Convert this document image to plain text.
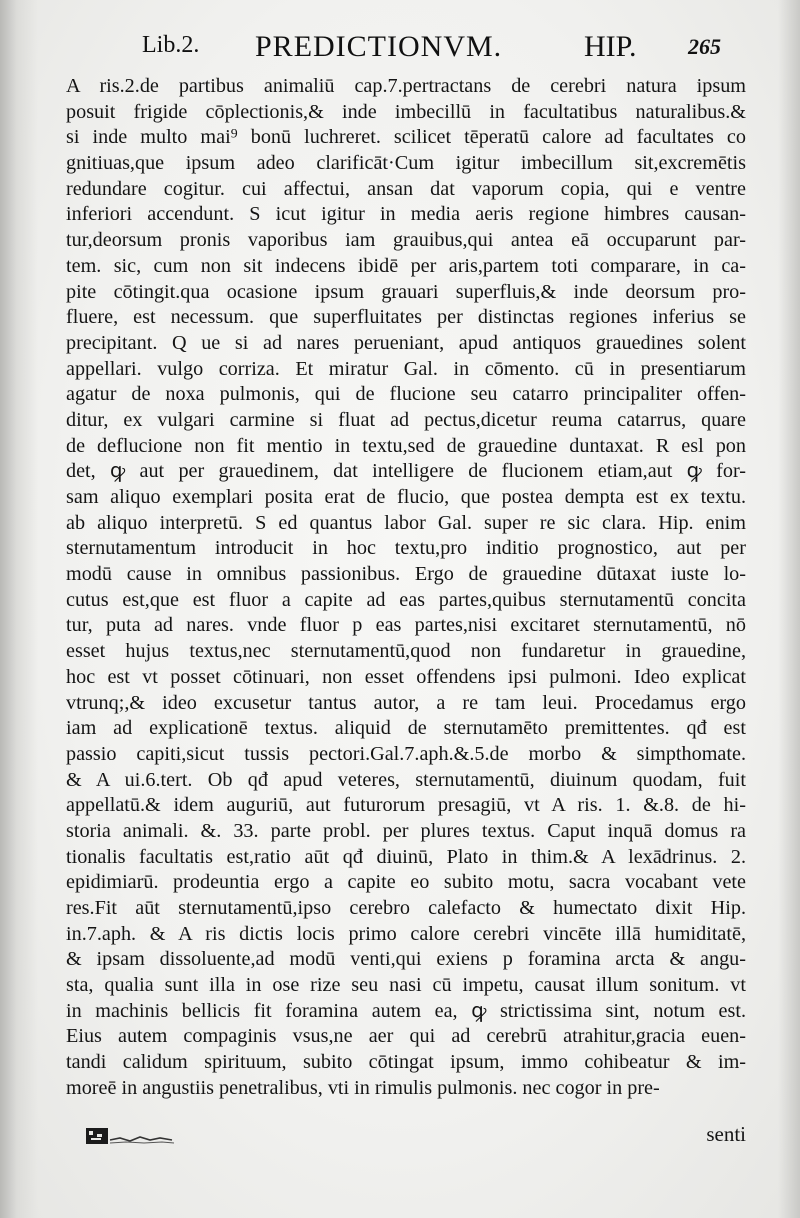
Lib.2. PREDICTIONVM.	HIP. 265
A ris.2.de partibus animaliū cap.7.pertractans de cerebri natura ipsum
posuit frigide cōplectionis,& inde imbecillū in facultatibus naturalibus.&
si inde multo mai⁹ bonū luchreret. scilicet tēperatū calore ad facultates co
gnitiuas,que ipsum adeo clarificāt·Cum igitur imbecillum sit,excremētis
redundare cogitur. cui affectui, ansan dat vaporum copia, qui e ventre
inferiori accendunt. S icut igitur in media aeris regione himbres causan-
tur,deorsum pronis vaporibus iam grauibus,qui antea eā occuparunt par-
tem. sic, cum non sit indecens ibidē per aris,partem toti comparare, in ca-
pite cōtingit.qua ocasione ipsum grauari superfluis,& inde deorsum pro-
fluere, est necessum. que superfluitates per distinctas regiones inferius se
precipitant. Q ue si ad nares perueniant, apud antiquos grauedines solent
appellari. vulgo corriza. Et miratur Gal. in cōmento. cū in presentiarum
agatur de noxa pulmonis, qui de flucione seu catarro principaliter offen-
ditur, ex vulgari carmine si fluat ad pectus,dicetur reuma catarrus, quare
de deflucione non fit mentio in textu,sed de grauedine duntaxat. R esl pon
det, ꝙ aut per grauedinem, dat intelligere de flucionem etiam,aut ꝙ for-
sam aliquo exemplari posita erat de flucio, que postea dempta est ex textu.
ab aliquo interpretū. S ed quantus labor Gal. super re sic clara. Hip. enim
sternutamentum introducit in hoc textu,pro inditio prognostico, aut per
modū cause in omnibus passionibus. Ergo de grauedine dūtaxat iuste lo-
cutus est,que est fluor a capite ad eas partes,quibus sternutamentū concita
tur, puta ad nares. vnde fluor p eas partes,nisi excitaret sternutamentū, nō
esset hujus textus,nec sternutamentū,quod non fundaretur in grauedine,
hoc est vt posset cōtinuari, non esset offendens ipsi pulmoni. Ideo explicat
vtrunq;,& ideo excusetur tantus autor, a re tam leui. Procedamus ergo
iam ad explicationē textus. aliquid de sternutamēto premittentes. qđ est
passio capiti,sicut tussis pectori.Gal.7.aph.&.5.de morbo & simpthomate.
& A ui.6.tert. Ob qđ apud veteres, sternutamentū, diuinum quodam, fuit
appellatū.& idem auguriū, aut futurorum presagiū, vt A ris. 1. &.8. de hi-
storia animali. &. 33. parte probl. per plures textus. Caput inquā domus ra
tionalis facultatis est,ratio aūt qđ diuinū, Plato in thim.& A lexādrinus. 2.
epidimiarū. prodeuntia ergo a capite eo subito motu, sacra vocabant vete
res.Fit aūt sternutamentū,ipso cerebro calefacto & humectato dixit Hip.
in.7.aph. & A ris dictis locis primo calore cerebri vincēte illā humiditatē,
& ipsam dissoluente,ad modū venti,qui exiens p foramina arcta & angu-
sta, qualia sunt illa in ose rize seu nasi cū impetu, causat illum sonitum. vt
in machinis bellicis fit foramina autem ea, ꝙ strictissima sint, notum est.
Eius autem compaginis vsus,ne aer qui ad cerebrū atrahitur,gracia euen-
tandi calidum spirituum, subito cōtingat ipsum, immo cohibeatur & im-
moreē in angustiis penetralibus, vti in rimulis pulmonis. nec cogor in pre-
senti
